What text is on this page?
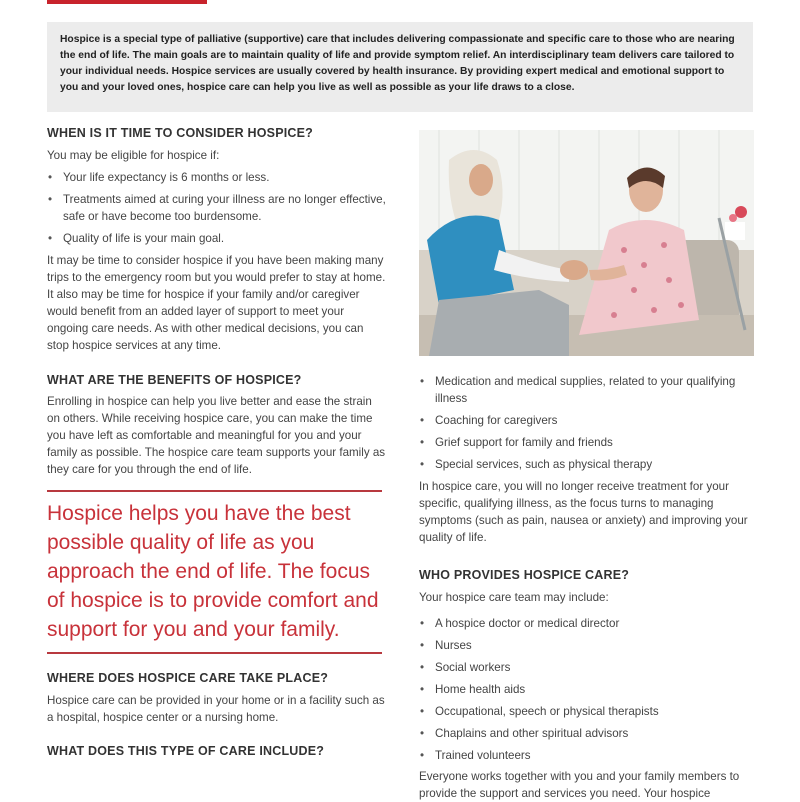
Hospice is a special type of palliative (supportive) care that includes delivering compassionate and specific care to those who are nearing the end of life. The main goals are to maintain quality of life and provide symptom relief. An interdisciplinary team delivers care tailored to your individual needs. Hospice services are usually covered by health insurance. By providing expert medical and emotional support to you and your loved ones, hospice care can help you live as well as possible as your life draws to a close.

WHEN IS IT TIME TO CONSIDER HOSPICE?

You may be eligible for hospice if:

• Your life expectancy is 6 months or less.
• Treatments aimed at curing your illness are no longer effective, safe or have become too burdensome.
• Quality of life is your main goal.

It may be time to consider hospice if you have been making many trips to the emergency room but you would prefer to stay at home. It also may be time for hospice if your family and/or caregiver would benefit from an added layer of support to meet your ongoing care needs. As with other medical decisions, you can stop hospice services at any time.

WHAT ARE THE BENEFITS OF HOSPICE?

Enrolling in hospice can help you live better and ease the strain on others. While receiving hospice care, you can make the time you have left as comfortable and meaningful for you and your family as possible. The hospice care team supports your family as they care for you through the end of life.

Hospice helps you have the best possible quality of life as you approach the end of life. The focus of hospice is to provide comfort and support for you and your family.

WHERE DOES HOSPICE CARE TAKE PLACE?

Hospice care can be provided in your home or in a facility such as a hospital, hospice center or a nursing home.

WHAT DOES THIS TYPE OF CARE INCLUDE?
• Medication and medical supplies, related to your qualifying illness
• Coaching for caregivers
• Grief support for family and friends
• Special services, such as physical therapy

In hospice care, you will no longer receive treatment for your specific, qualifying illness, as the focus turns to managing symptoms (such as pain, nausea or anxiety) and improving your quality of life.

WHO PROVIDES HOSPICE CARE?

Your hospice care team may include:

• A hospice doctor or medical director
• Nurses
• Social workers
• Home health aids
• Occupational, speech or physical therapists
• Chaplains and other spiritual advisors
• Trained volunteers

Everyone works together with you and your family members to provide the support and services you need. Your hospice
